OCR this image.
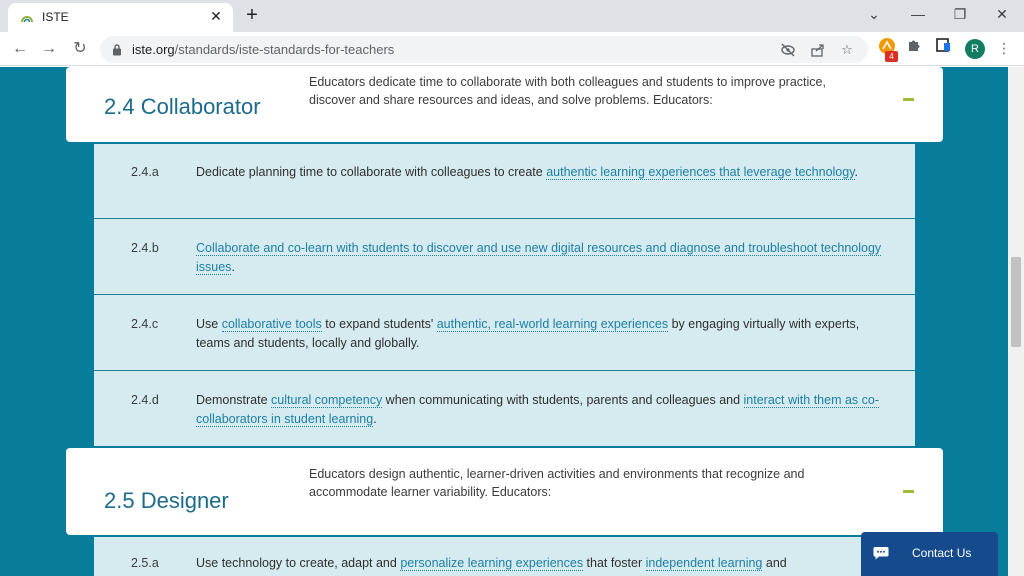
ISTE	✕ +	⌄	—	❐	✕
← → ↻	iste.org/standards/iste-standards-for-teachers	☆	⋮
4
R
2.4 Collaborator
Educators dedicate time to collaborate with both colleagues and students to improve practice, discover and share resources and ideas, and solve problems. Educators:
2.4.a	Dedicate planning time to collaborate with colleagues to create authentic learning experiences that leverage technology.
2.4.b	Collaborate and co-learn with students to discover and use new digital resources and diagnose and troubleshoot technology issues.
2.4.c	Use collaborative tools to expand students' authentic, real-world learning experiences by engaging virtually with experts, teams and students, locally and globally.
2.4.d	Demonstrate cultural competency when communicating with students, parents and colleagues and interact with them as co-collaborators in student learning.
2.5 Designer
Educators design authentic, learner-driven activities and environments that recognize and accommodate learner variability. Educators:
2.5.a	Use technology to create, adapt and personalize learning experiences that foster independent learning and
Contact Us
